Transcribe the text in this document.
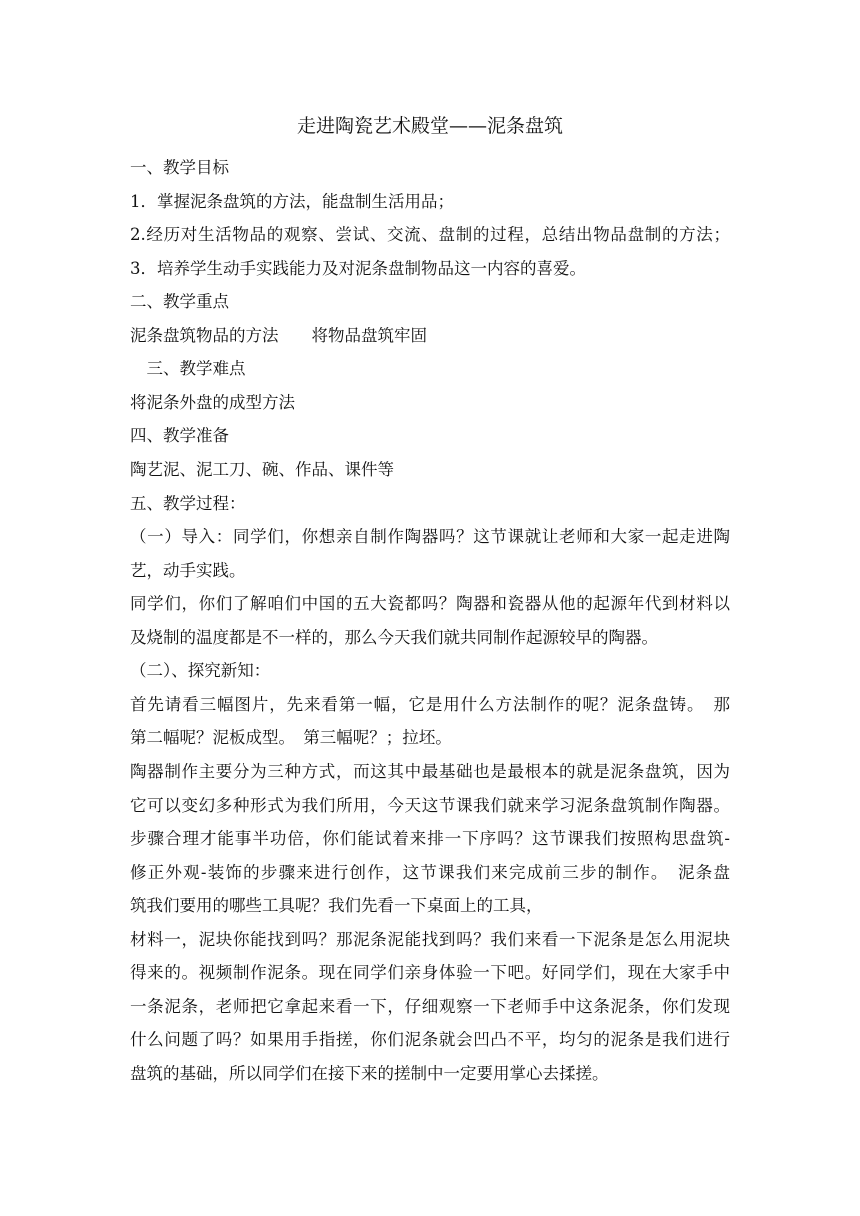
走进陶瓷艺术殿堂——泥条盘筑
一、教学目标
1．掌握泥条盘筑的方法，能盘制生活用品；
2.经历对生活物品的观察、尝试、交流、盘制的过程，总结出物品盘制的方法；
3．培养学生动手实践能力及对泥条盘制物品这一内容的喜爱。
二、教学重点
泥条盘筑物品的方法　　将物品盘筑牢固
　三、教学难点
将泥条外盘的成型方法
四、教学准备
陶艺泥、泥工刀、碗、作品、课件等
五、教学过程：
（一）导入：同学们，你想亲自制作陶器吗？这节课就让老师和大家一起走进陶
艺，动手实践。
同学们，你们了解咱们中国的五大瓷都吗？陶器和瓷器从他的起源年代到材料以
及烧制的温度都是不一样的，那么今天我们就共同制作起源较早的陶器。
（二）、探究新知：
首先请看三幅图片，先来看第一幅，它是用什么方法制作的呢？泥条盘铸。　那
第二幅呢？泥板成型。　第三幅呢？；拉坯。
陶器制作主要分为三种方式，而这其中最基础也是最根本的就是泥条盘筑，因为
它可以变幻多种形式为我们所用，今天这节课我们就来学习泥条盘筑制作陶器。
步骤合理才能事半功倍，你们能试着来排一下序吗？这节课我们按照构思盘筑-
修正外观-装饰的步骤来进行创作，这节课我们来完成前三步的制作。　泥条盘
筑我们要用的哪些工具呢？我们先看一下桌面上的工具，
材料一，泥块你能找到吗？那泥条泥能找到吗？我们来看一下泥条是怎么用泥块
得来的。视频制作泥条。现在同学们亲身体验一下吧。好同学们，现在大家手中
一条泥条，老师把它拿起来看一下，仔细观察一下老师手中这条泥条，你们发现
什么问题了吗？如果用手指搓，你们泥条就会凹凸不平，均匀的泥条是我们进行
盘筑的基础，所以同学们在接下来的搓制中一定要用掌心去揉搓。
